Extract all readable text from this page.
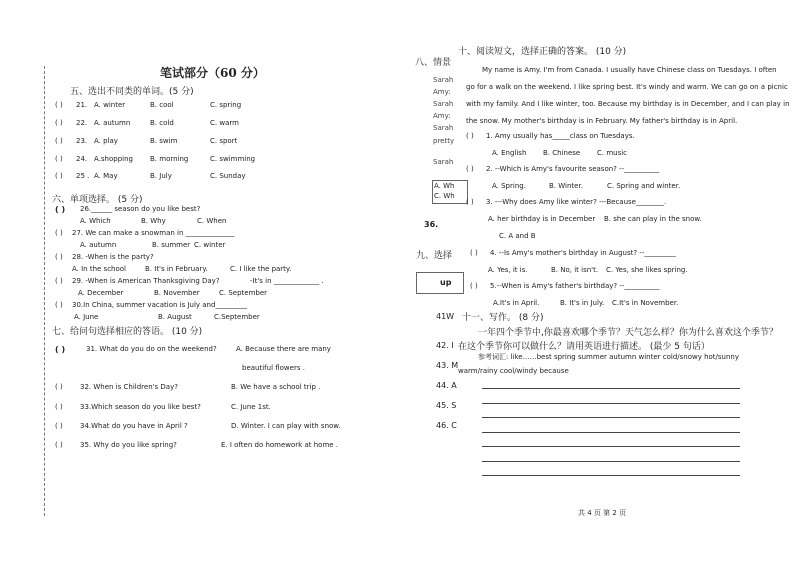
笔试部分（60 分）
五、选出不同类的单词。(5 分)
( ) 21. A. winter	B. cool	C. spring
( ) 22. A. autumn	B. cold	C. warm
( ) 23. A. play	B. swim	C. sport
( ) 24. A.shopping B. morning	C. swimming
( ) 25 . A. May	B. July	C. Sunday
六、单项选择。 (5 分)
( ) 26.______ season do you like best?
A. Which	B. Why	C. When
( ) 27. We can make a snowman in ______________
A. autumn	B. summer C. winter
( ) 28. -When is the party?
A. In the school	B. It's in February.	C. I like the party.
( ) 29. -When is American Thanksgiving Day?	-It's in _____________ .
A. December	B. November	C. September
( ) 30.In China, summer vacation is July and_________
A. June	B. August	C.September
七、给问句选择相应的答语。 (10 分)
( )	31. What do you do on the weekend?	A. Because there are many
beautiful flowers .
( ) 32. When is Children's Day?	B. We have a school trip .
( ) 33.Which season do you like best?	C. June 1st.
( ) 34.What do you have in April ?	D. Winter. I can play with snow.
( ) 35. Why do you like spring?	E. I often do homework at home .
八、情景
Sarah
Amy:
Sarah
Amy:
Sarah
pretty
Sarah
A. Wh
C. Wh
36.
九、选择
up
41W
42. I
43. M
44. A
45. S
46. C
十、阅读短文，选择正确的答案。 (10 分)
My name is Amy. I'm from Canada. I usually have Chinese class on Tuesdays. I often
go for a walk on the weekend. I like spring best. It's windy and warm. We can go on a picnic
with my family. And I like winter, too. Because my birthday is in December, and I can play in
the snow. My mother's birthday is in February. My father's birthday is in April.
( ) 1. Amy usually has_____class on Tuesdays.
A. English B. Chinese C. music
( ) 2. --Which is Amy's favourite season? --__________
A. Spring.	B. Winter.	C. Spring and winter.
( ) 3. ---Why does Amy like winter? ---Because________.
A. her birthday is in December B. she can play in the snow.
C. A and B
( ) 4. --Is Amy's mother's birthday in August? --_________
A. Yes, it is.	B. No, it isn't. C. Yes, she likes spring.
( ) 5.--When is Amy's father's birthday? --__________
A.It's in April.	B. It's in July. C.It's in November.
十一、写作。 (8 分)
一年四个季节中,你最喜欢哪个季节？天气怎么样？你为什么喜欢这个季节？
在这个季节你可以做什么？请用英语进行描述。 (最少 5 句话）
参考词汇: like……best spring summer autumn winter cold/snowy hot/sunny
warm/rainy cool/windy because
共 4 页 第 2 页
